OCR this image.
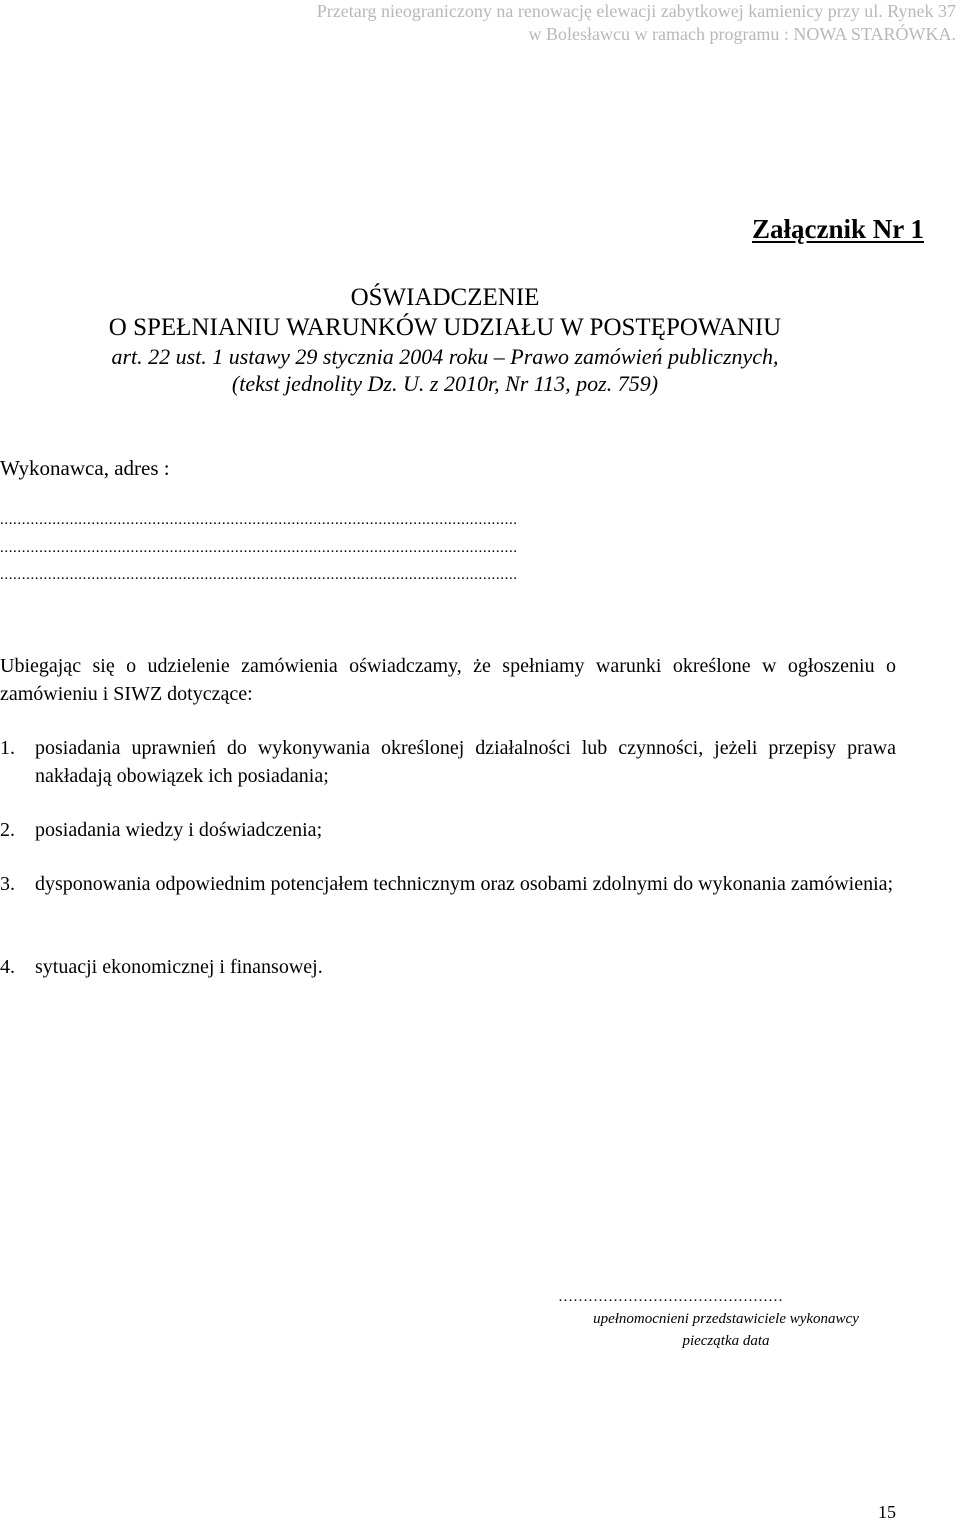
Przetarg nieograniczony na renowację elewacji zabytkowej kamienicy przy ul. Rynek 37
w Bolesławcu w ramach programu : NOWA STARÓWKA.
Załącznik Nr 1
OŚWIADCZENIE
O SPEŁNIANIU WARUNKÓW UDZIAŁU W POSTĘPOWANIU
art. 22 ust. 1 ustawy 29 stycznia 2004 roku – Prawo zamówień publicznych,
(tekst jednolity Dz. U. z 2010r, Nr 113, poz. 759)
Wykonawca, adres :
.......................................................................................................................
.......................................................................................................................
.......................................................................................................................
Ubiegając się o udzielenie zamówienia oświadczamy, że spełniamy warunki określone w ogłoszeniu o zamówieniu i SIWZ dotyczące:
1.	posiadania uprawnień do wykonywania określonej działalności lub czynności, jeżeli przepisy prawa nakładają obowiązek ich posiadania;
2.	posiadania wiedzy i doświadczenia;
3.	dysponowania odpowiednim potencjałem technicznym oraz osobami zdolnymi do wykonania zamówienia;
4.	sytuacji ekonomicznej i finansowej.
………………………………………
upełnomocnieni przedstawiciele wykonawcy
pieczątka data
15
